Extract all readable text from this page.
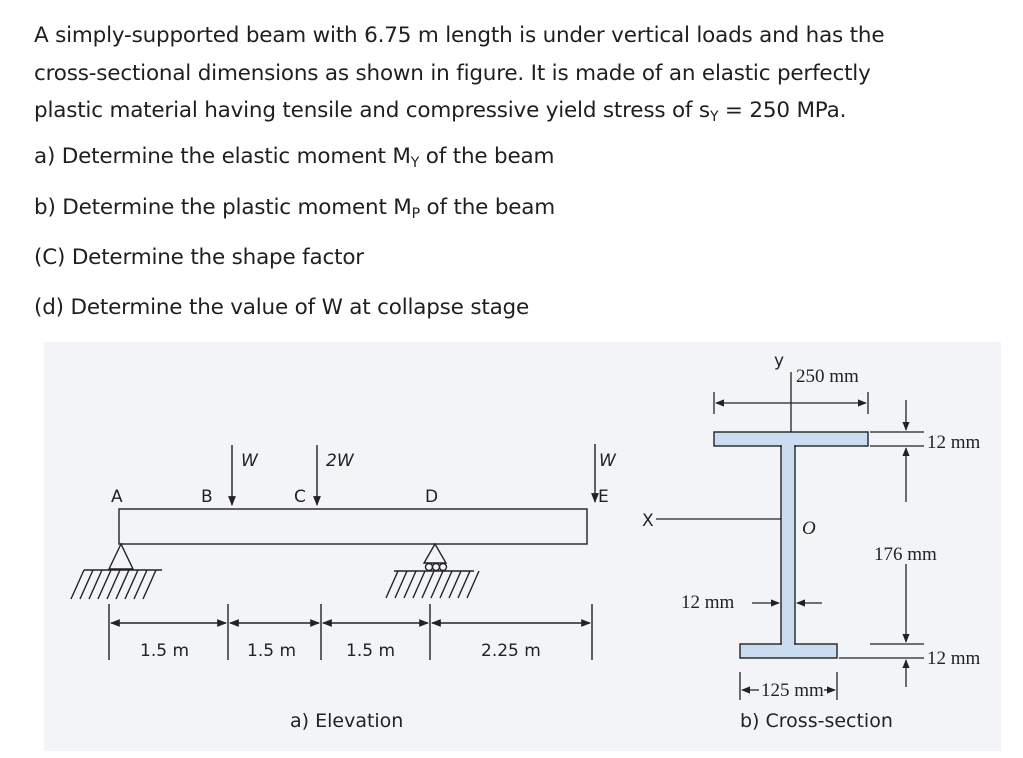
A simply-supported beam with 6.75 m length is under vertical loads and has the
cross-sectional dimensions as shown in figure. It is made of an elastic perfectly
plastic material having tensile and compressive yield stress of sY = 250 MPa.
a) Determine the elastic moment MY of the beam
b) Determine the plastic moment MP of the beam
(C) Determine the shape factor
(d) Determine the value of W at collapse stage
A	B	C	D	E
W	2W	W
1.5 m	1.5 m	1.5 m	2.25 m
a) Elevation
y
X	O
250 mm
12 mm
176 mm
12 mm
12 mm
125 mm
b) Cross-section
